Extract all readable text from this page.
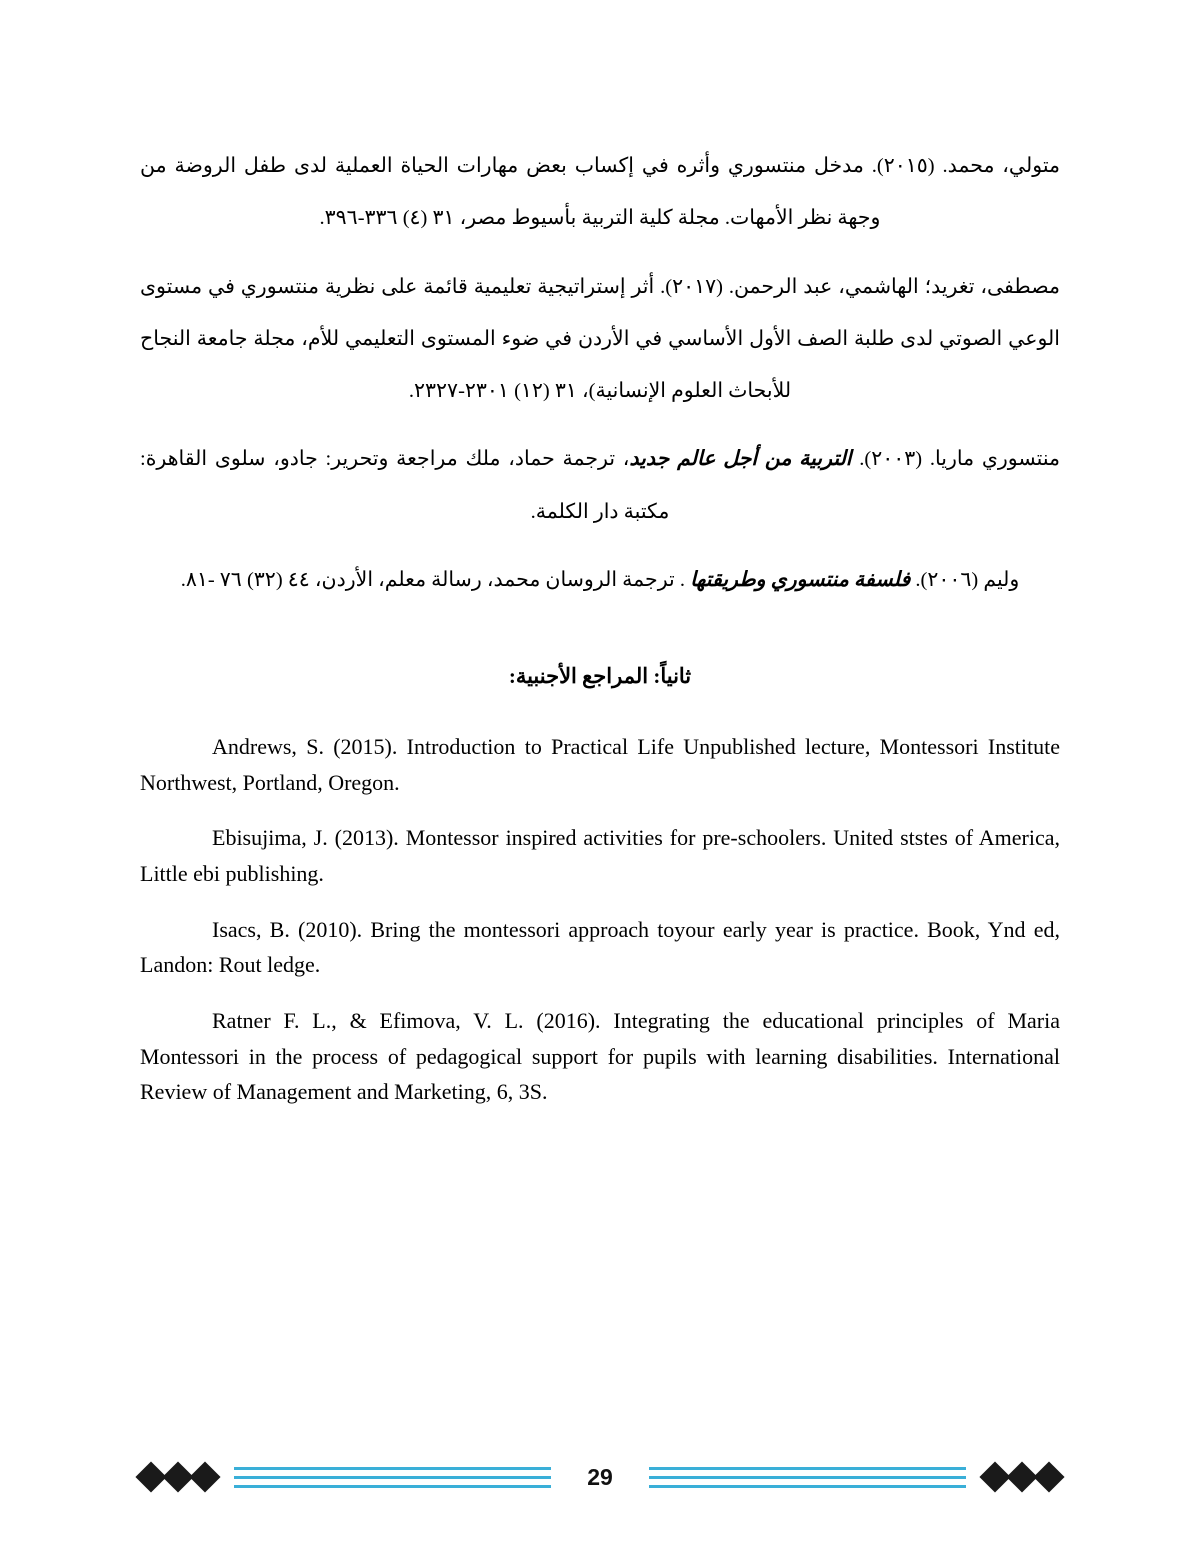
متولي، محمد. (٢٠١٥). مدخل منتسوري وأثره في إكساب بعض مهارات الحياة العملية لدى طفل الروضة من وجهة نظر الأمهات. مجلة كلية التربية بأسيوط مصر، ٣١ (٤) ٣٣٦-٣٩٦.

مصطفى، تغريد؛ الهاشمي، عبد الرحمن. (٢٠١٧). أثر إستراتيجية تعليمية قائمة على نظرية منتسوري في مستوى الوعي الصوتي لدى طلبة الصف الأول الأساسي في الأردن في ضوء المستوى التعليمي للأم، مجلة جامعة النجاح للأبحاث العلوم الإنسانية)، ٣١ (١٢) ٢٣٠١-٢٣٢٧.

منتسوري ماريا. (٢٠٠٣). التربية من أجل عالم جديد، ترجمة حماد، ملك مراجعة وتحرير: جادو، سلوى القاهرة: مكتبة دار الكلمة.

وليم (٢٠٠٦). فلسفة منتسوري وطريقتها . ترجمة الروسان محمد، رسالة معلم، الأردن، ٤٤ (٣٢) ٧٦ -٨١.

ثانياً: المراجع الأجنبية:

Andrews, S. (2015). Introduction to Practical Life Unpublished lecture, Montessori Institute Northwest, Portland, Oregon.

Ebisujima, J. (2013). Montessor inspired activities for pre-schoolers. United ststes of America, Little ebi publishing.

Isacs, B. (2010). Bring the montessori approach toyour early year is practice. Book, Ynd ed, Landon: Rout ledge.

Ratner F. L., & Efimova, V. L. (2016). Integrating the educational principles of Maria Montessori in the process of pedagogical support for pupils with learning disabilities. International Review of Management and Marketing, 6, 3S.

29
